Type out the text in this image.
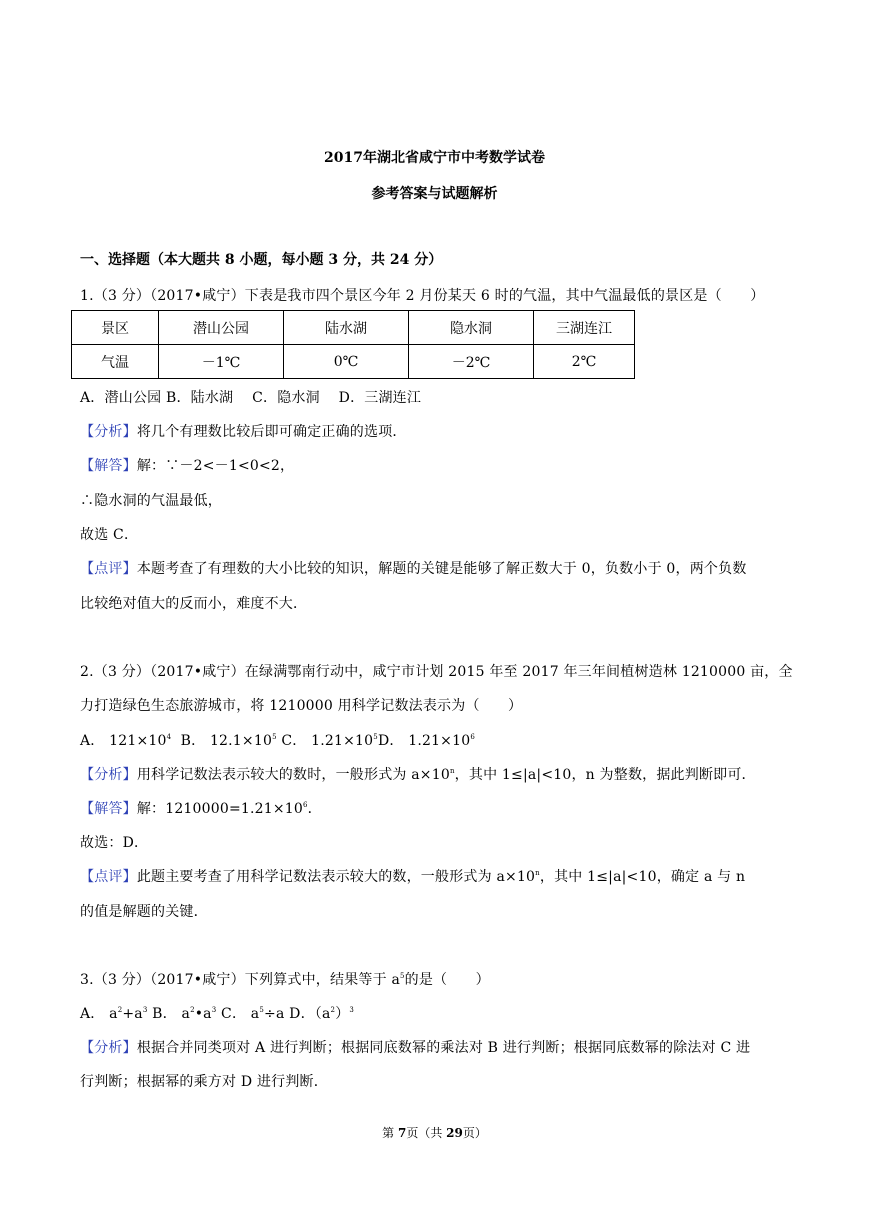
2017年湖北省咸宁市中考数学试卷
参考答案与试题解析
一、选择题（本大题共 8 小题，每小题 3 分，共 24 分）
1.（3 分）（2017•咸宁）下表是我市四个景区今年 2 月份某天 6 时的气温，其中气温最低的景区是（　　）
景区	潜山公园	陆水湖	隐水洞	三湖连江
气温	－1℃	0℃	－2℃	2℃
A．潜山公园 B．陆水湖　 C．隐水洞　 D．三湖连江
【分析】将几个有理数比较后即可确定正确的选项．
【解答】解：∵－2<－1<0<2，
∴隐水洞的气温最低，
故选 C．
【点评】本题考查了有理数的大小比较的知识，解题的关键是能够了解正数大于 0，负数小于 0，两个负数
比较绝对值大的反而小，难度不大．
2.（3 分）（2017•咸宁）在绿满鄂南行动中，咸宁市计划 2015 年至 2017 年三年间植树造林 1210000 亩，全
力打造绿色生态旅游城市，将 1210000 用科学记数法表示为（　　）
A． $121\times 10^4$ B． $12.1\times 10^5$ C． $1.21\times 10^5D$． $1.21\times 10^6$
【分析】用科学记数法表示较大的数时，一般形式为 $a\times 10^n$，其中 1≤|a|<10，n 为整数，据此判断即可．
【解答】解：$1210000=1.21\times 10^6$．
故选：D．
【点评】此题主要考查了用科学记数法表示较大的数，一般形式为 $a\times 10^n$，其中 1≤|a|<10，确定 a 与 n
的值是解题的关键．
3.（3 分）（2017•咸宁）下列算式中，结果等于 $a^5$的是（　　）
A． $a^2+a^3$ B． $a^2•a^3$ C． $a^5\div a$ D．$(a^2)^3$
【分析】根据合并同类项对 A 进行判断；根据同底数幂的乘法对 B 进行判断；根据同底数幂的除法对 C 进
行判断；根据幂的乘方对 D 进行判断．
第 7页（共 29页）
